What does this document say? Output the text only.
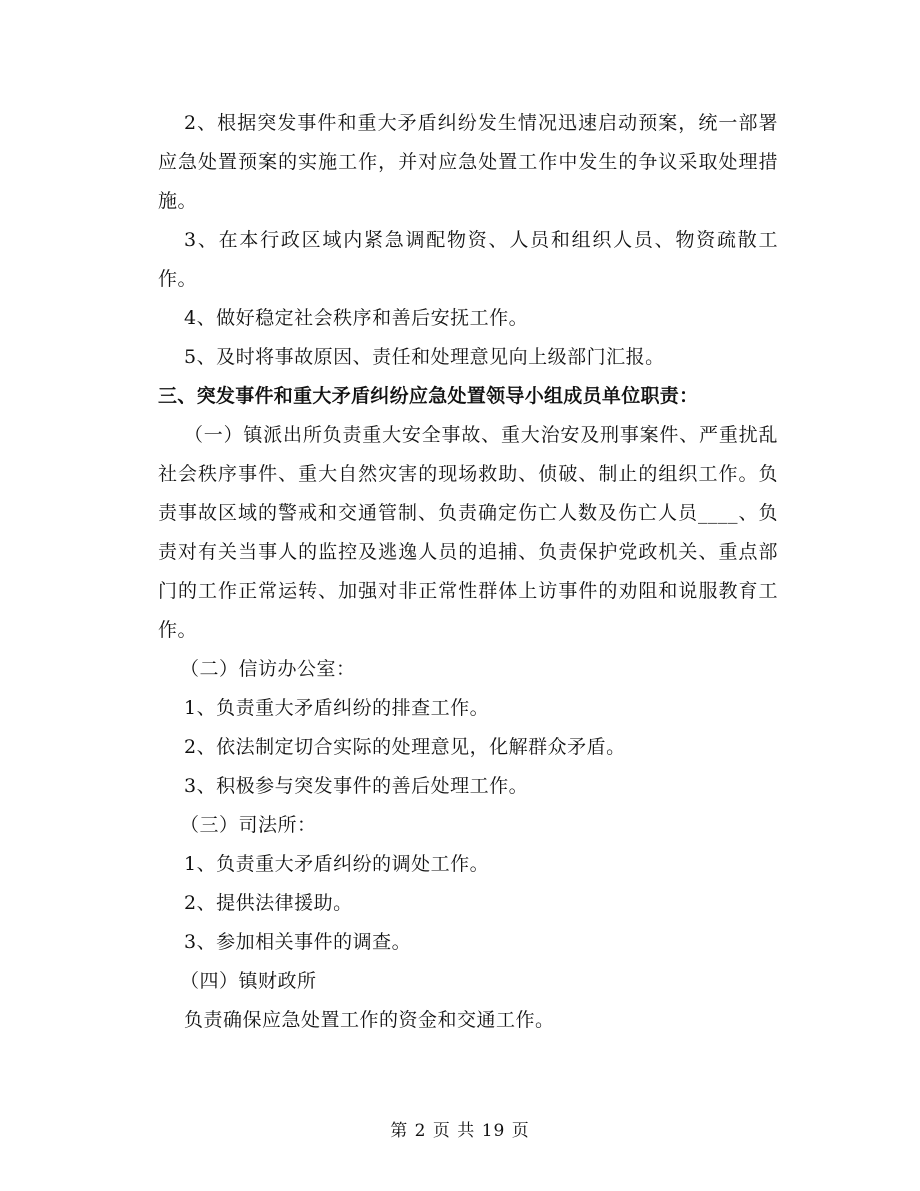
2、根据突发事件和重大矛盾纠纷发生情况迅速启动预案，统一部署应急处置预案的实施工作，并对应急处置工作中发生的争议采取处理措施。

3、在本行政区域内紧急调配物资、人员和组织人员、物资疏散工作。

4、做好稳定社会秩序和善后安抚工作。

5、及时将事故原因、责任和处理意见向上级部门汇报。

三、突发事件和重大矛盾纠纷应急处置领导小组成员单位职责：

（一）镇派出所负责重大安全事故、重大治安及刑事案件、严重扰乱社会秩序事件、重大自然灾害的现场救助、侦破、制止的组织工作。负责事故区域的警戒和交通管制、负责确定伤亡人数及伤亡人员____、负责对有关当事人的监控及逃逸人员的追捕、负责保护党政机关、重点部门的工作正常运转、加强对非正常性群体上访事件的劝阻和说服教育工作。

（二）信访办公室：

1、负责重大矛盾纠纷的排查工作。

2、依法制定切合实际的处理意见，化解群众矛盾。

3、积极参与突发事件的善后处理工作。

（三）司法所：

1、负责重大矛盾纠纷的调处工作。

2、提供法律援助。

3、参加相关事件的调查。

（四）镇财政所

负责确保应急处置工作的资金和交通工作。

第 2 页 共 19 页
